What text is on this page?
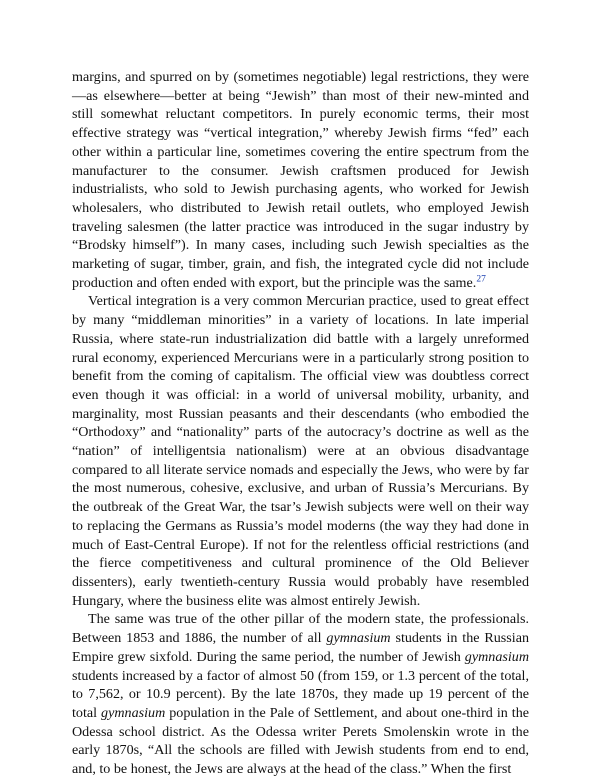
margins, and spurred on by (sometimes negotiable) legal restrictions, they were —as elsewhere—better at being “Jewish” than most of their new-minted and still somewhat reluctant competitors. In purely economic terms, their most effective strategy was “vertical integration,” whereby Jewish firms “fed” each other within a particular line, sometimes covering the entire spectrum from the manufacturer to the consumer. Jewish craftsmen produced for Jewish industrialists, who sold to Jewish purchasing agents, who worked for Jewish wholesalers, who distributed to Jewish retail outlets, who employed Jewish traveling salesmen (the latter practice was introduced in the sugar industry by “Brodsky himself”). In many cases, including such Jewish specialties as the marketing of sugar, timber, grain, and fish, the integrated cycle did not include production and often ended with export, but the principle was the same.$^{27}$

Vertical integration is a very common Mercurian practice, used to great effect by many “middleman minorities” in a variety of locations. In late imperial Russia, where state-run industrialization did battle with a largely unreformed rural economy, experienced Mercurians were in a particularly strong position to benefit from the coming of capitalism. The official view was doubtless correct even though it was official: in a world of universal mobility, urbanity, and marginality, most Russian peasants and their descendants (who embodied the “Orthodoxy” and “nationality” parts of the autocracy’s doctrine as well as the “nation” of intelligentsia nationalism) were at an obvious disadvantage compared to all literate service nomads and especially the Jews, who were by far the most numerous, cohesive, exclusive, and urban of Russia’s Mercurians. By the outbreak of the Great War, the tsar’s Jewish subjects were well on their way to replacing the Germans as Russia’s model moderns (the way they had done in much of East-Central Europe). If not for the relentless official restrictions (and the fierce competitiveness and cultural prominence of the Old Believer dissenters), early twentieth-century Russia would probably have resembled Hungary, where the business elite was almost entirely Jewish.

The same was true of the other pillar of the modern state, the professionals. Between 1853 and 1886, the number of all gymnasium students in the Russian Empire grew sixfold. During the same period, the number of Jewish gymnasium students increased by a factor of almost 50 (from 159, or 1.3 percent of the total, to 7,562, or 10.9 percent). By the late 1870s, they made up 19 percent of the total gymnasium population in the Pale of Settlement, and about one-third in the Odessa school district. As the Odessa writer Perets Smolenskin wrote in the early 1870s, “All the schools are filled with Jewish students from end to end, and, to be honest, the Jews are always at the head of the class.” When the first
